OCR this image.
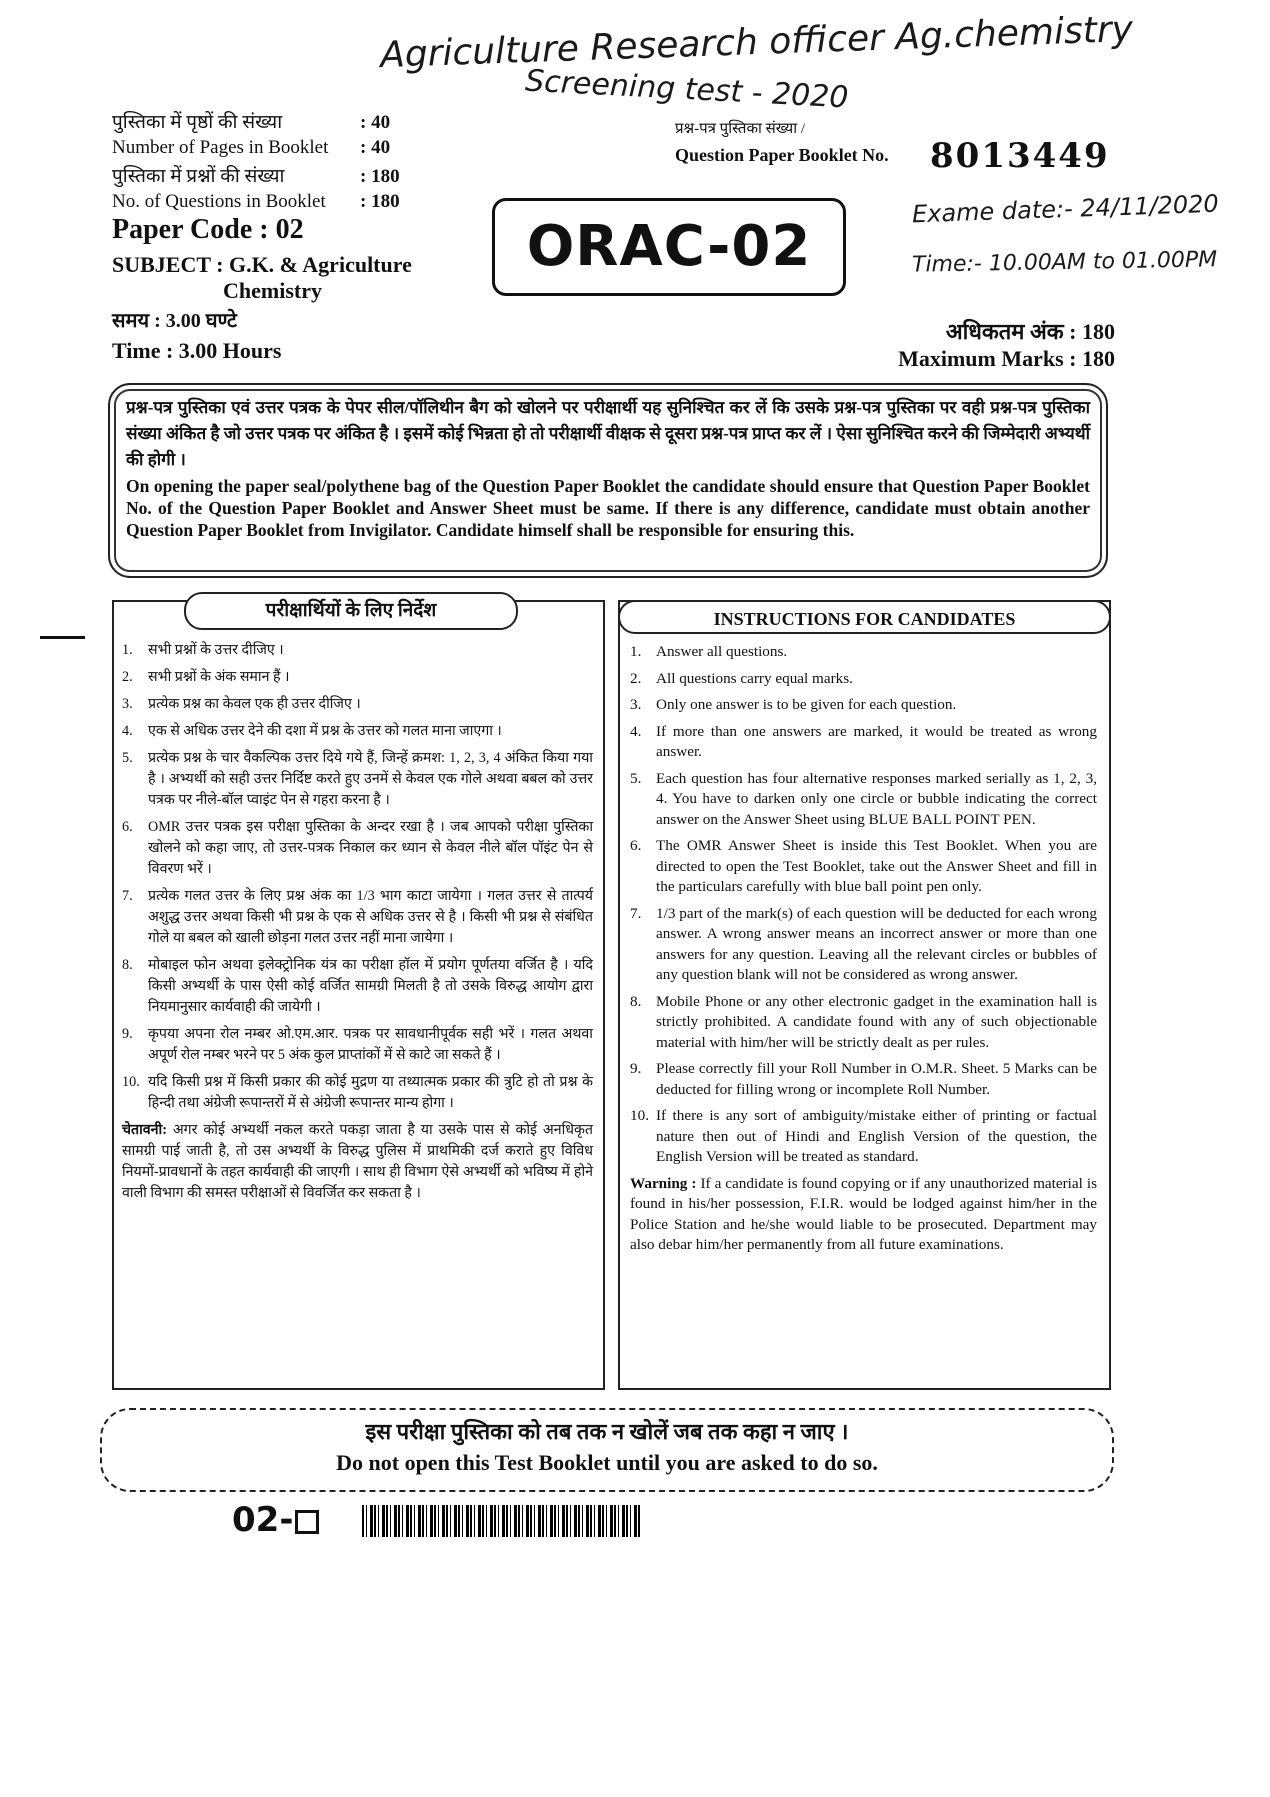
Agriculture Research officer Ag.chemistry
Screening test - 2020
Exame date:- 24/11/2020
Time:- 10.00AM to 01.00PM
पुस्तिका में पृष्ठों की संख्या	: 40
Number of Pages in Booklet	: 40
पुस्तिका में प्रश्नों की संख्या	: 180
No. of Questions in Booklet	: 180
Paper Code : 02
SUBJECT : G.K. & Agriculture
Chemistry
समय : 3.00 घण्टे
Time : 3.00 Hours
प्रश्न-पत्र पुस्तिका संख्या /
Question Paper Booklet No. 8013449
ORAC-02
अधिकतम अंक : 180
Maximum Marks : 180
प्रश्न-पत्र पुस्तिका एवं उत्तर पत्रक के पेपर सील/पॉलिथीन बैग को खोलने पर परीक्षार्थी यह सुनिश्चित कर लें कि उसके प्रश्न-पत्र पुस्तिका पर वही प्रश्न-पत्र पुस्तिका संख्या अंकित है जो उत्तर पत्रक पर अंकित है । इसमें कोई भिन्नता हो तो परीक्षार्थी वीक्षक से दूसरा प्रश्न-पत्र प्राप्त कर लें । ऐसा सुनिश्चित करने की जिम्मेदारी अभ्यर्थी की होगी ।
On opening the paper seal/polythene bag of the Question Paper Booklet the candidate should ensure that Question Paper Booklet No. of the Question Paper Booklet and Answer Sheet must be same. If there is any difference, candidate must obtain another Question Paper Booklet from Invigilator. Candidate himself shall be responsible for ensuring this.
परीक्षार्थियों के लिए निर्देश
1.	सभी प्रश्नों के उत्तर दीजिए ।
2.	सभी प्रश्नों के अंक समान हैं ।
3.	प्रत्येक प्रश्न का केवल एक ही उत्तर दीजिए ।
4.	एक से अधिक उत्तर देने की दशा में प्रश्न के उत्तर को गलत माना जाएगा ।
5.	प्रत्येक प्रश्न के चार वैकल्पिक उत्तर दिये गये हैं, जिन्हें क्रमश: 1, 2, 3, 4 अंकित किया गया है । अभ्यर्थी को सही उत्तर निर्दिष्ट करते हुए उनमें से केवल एक गोले अथवा बबल को उत्तर पत्रक पर नीले-बॉल प्वाइंट पेन से गहरा करना है ।
6.	OMR उत्तर पत्रक इस परीक्षा पुस्तिका के अन्दर रखा है । जब आपको परीक्षा पुस्तिका खोलने को कहा जाए, तो उत्तर-पत्रक निकाल कर ध्यान से केवल नीले बॉल पॉइंट पेन से विवरण भरें ।
7.	प्रत्येक गलत उत्तर के लिए प्रश्न अंक का 1/3 भाग काटा जायेगा । गलत उत्तर से तात्पर्य अशुद्ध उत्तर अथवा किसी भी प्रश्न के एक से अधिक उत्तर से है । किसी भी प्रश्न से संबंधित गोले या बबल को खाली छोड़ना गलत उत्तर नहीं माना जायेगा ।
8.	मोबाइल फोन अथवा इलेक्ट्रोनिक यंत्र का परीक्षा हॉल में प्रयोग पूर्णतया वर्जित है । यदि किसी अभ्यर्थी के पास ऐसी कोई वर्जित सामग्री मिलती है तो उसके विरुद्ध आयोग द्वारा नियमानुसार कार्यवाही की जायेगी ।
9.	कृपया अपना रोल नम्बर ओ.एम.आर. पत्रक पर सावधानीपूर्वक सही भरें । गलत अथवा अपूर्ण रोल नम्बर भरने पर 5 अंक कुल प्राप्तांकों में से काटे जा सकते हैं ।
10. यदि किसी प्रश्न में किसी प्रकार की कोई मुद्रण या तथ्यात्मक प्रकार की त्रुटि हो तो प्रश्न के हिन्दी तथा अंग्रेजी रूपान्तरों में से अंग्रेजी रूपान्तर मान्य होगा ।
चेतावनी: अगर कोई अभ्यर्थी नकल करते पकड़ा जाता है या उसके पास से कोई अनधिकृत सामग्री पाई जाती है, तो उस अभ्यर्थी के विरुद्ध पुलिस में प्राथमिकी दर्ज कराते हुए विविध नियमों-प्रावधानों के तहत कार्यवाही की जाएगी । साथ ही विभाग ऐसे अभ्यर्थी को भविष्य में होने वाली विभाग की समस्त परीक्षाओं से विवर्जित कर सकता है ।
INSTRUCTIONS FOR CANDIDATES
1. Answer all questions.
2. All questions carry equal marks.
3. Only one answer is to be given for each question.
4. If more than one answers are marked, it would be treated as wrong answer.
5. Each question has four alternative responses marked serially as 1, 2, 3, 4. You have to darken only one circle or bubble indicating the correct answer on the Answer Sheet using BLUE BALL POINT PEN.
6. The OMR Answer Sheet is inside this Test Booklet. When you are directed to open the Test Booklet, take out the Answer Sheet and fill in the particulars carefully with blue ball point pen only.
7. 1/3 part of the mark(s) of each question will be deducted for each wrong answer. A wrong answer means an incorrect answer or more than one answers for any question. Leaving all the relevant circles or bubbles of any question blank will not be considered as wrong answer.
8. Mobile Phone or any other electronic gadget in the examination hall is strictly prohibited. A candidate found with any of such objectionable material with him/her will be strictly dealt as per rules.
9. Please correctly fill your Roll Number in O.M.R. Sheet. 5 Marks can be deducted for filling wrong or incomplete Roll Number.
10. If there is any sort of ambiguity/mistake either of printing or factual nature then out of Hindi and English Version of the question, the English Version will be treated as standard.
Warning : If a candidate is found copying or if any unauthorized material is found in his/her possession, F.I.R. would be lodged against him/her in the Police Station and he/she would liable to be prosecuted. Department may also debar him/her permanently from all future examinations.
इस परीक्षा पुस्तिका को तब तक न खोलें जब तक कहा न जाए ।
Do not open this Test Booklet until you are asked to do so.
02-
